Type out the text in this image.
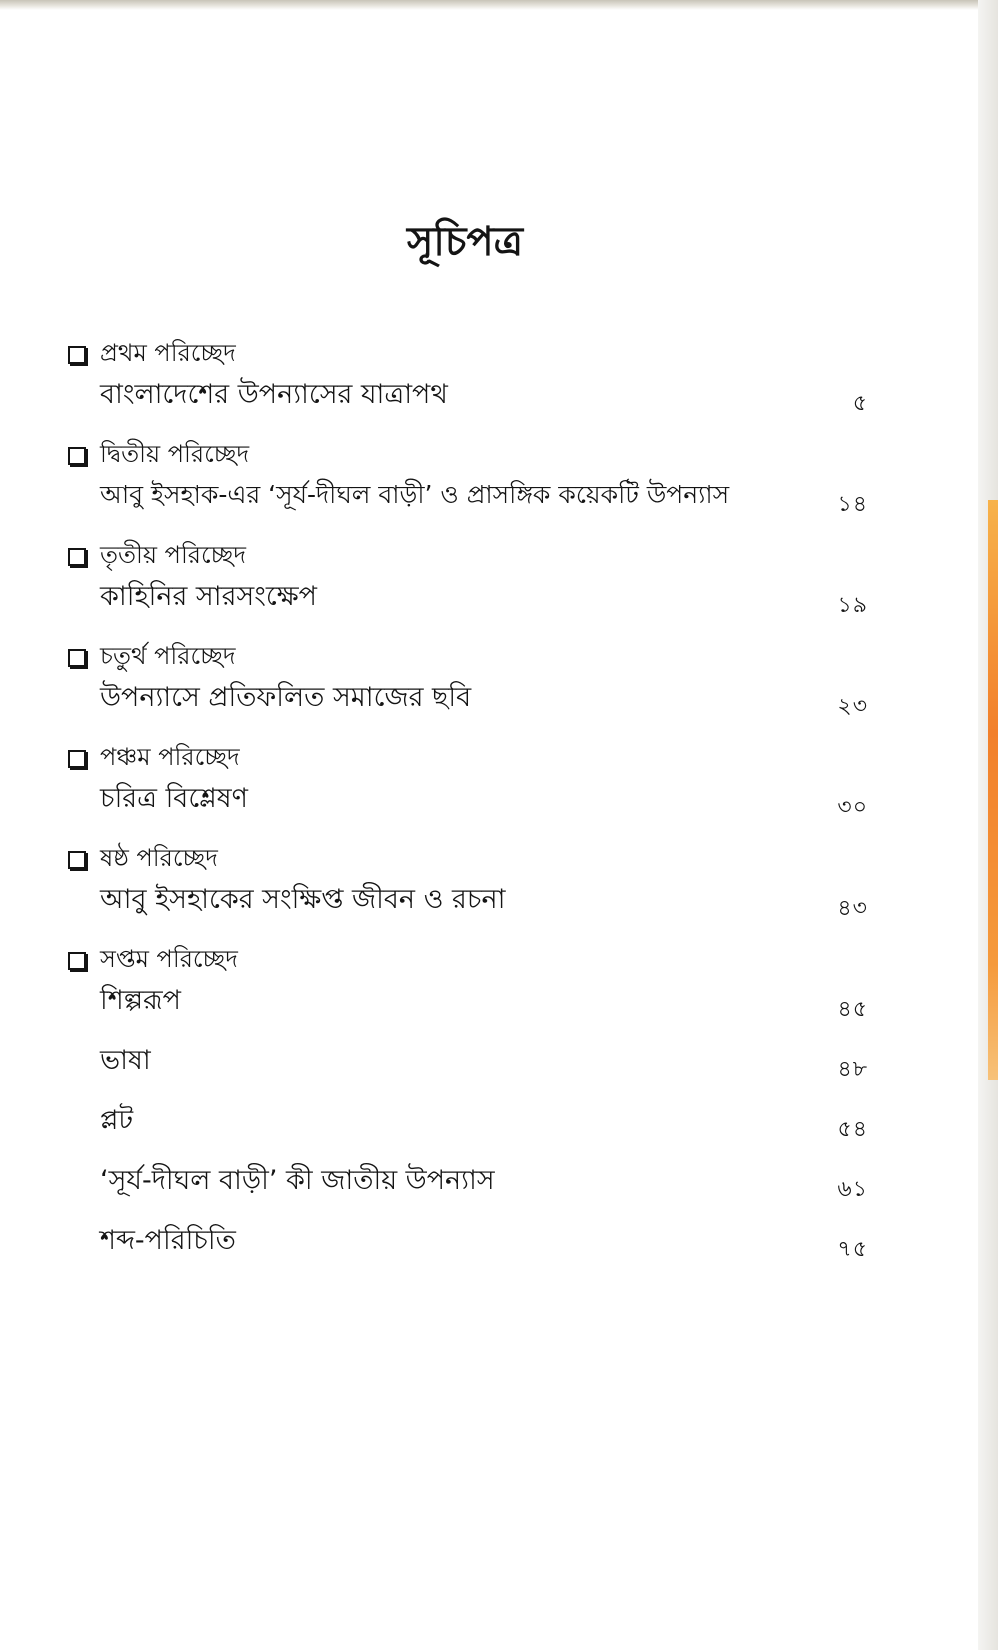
সূচিপত্র
প্রথম পরিচ্ছেদ
বাংলাদেশের উপন্যাসের যাত্রাপথ	৫
দ্বিতীয় পরিচ্ছেদ
আবু ইসহাক-এর ‘সূর্য-দীঘল বাড়ী’ ও প্রাসঙ্গিক কয়েকটি উপন্যাস	১৪
তৃতীয় পরিচ্ছেদ
কাহিনির সারসংক্ষেপ	১৯
চতুর্থ পরিচ্ছেদ
উপন্যাসে প্রতিফলিত সমাজের ছবি	২৩
পঞ্চম পরিচ্ছেদ
চরিত্র বিশ্লেষণ	৩০
ষষ্ঠ পরিচ্ছেদ
আবু ইসহাকের সংক্ষিপ্ত জীবন ও রচনা	৪৩
সপ্তম পরিচ্ছেদ
শিল্পরূপ	৪৫
ভাষা	৪৮
প্লট	৫৪
‘সূর্য-দীঘল বাড়ী’ কী জাতীয় উপন্যাস	৬১
শব্দ-পরিচিতি	৭৫
